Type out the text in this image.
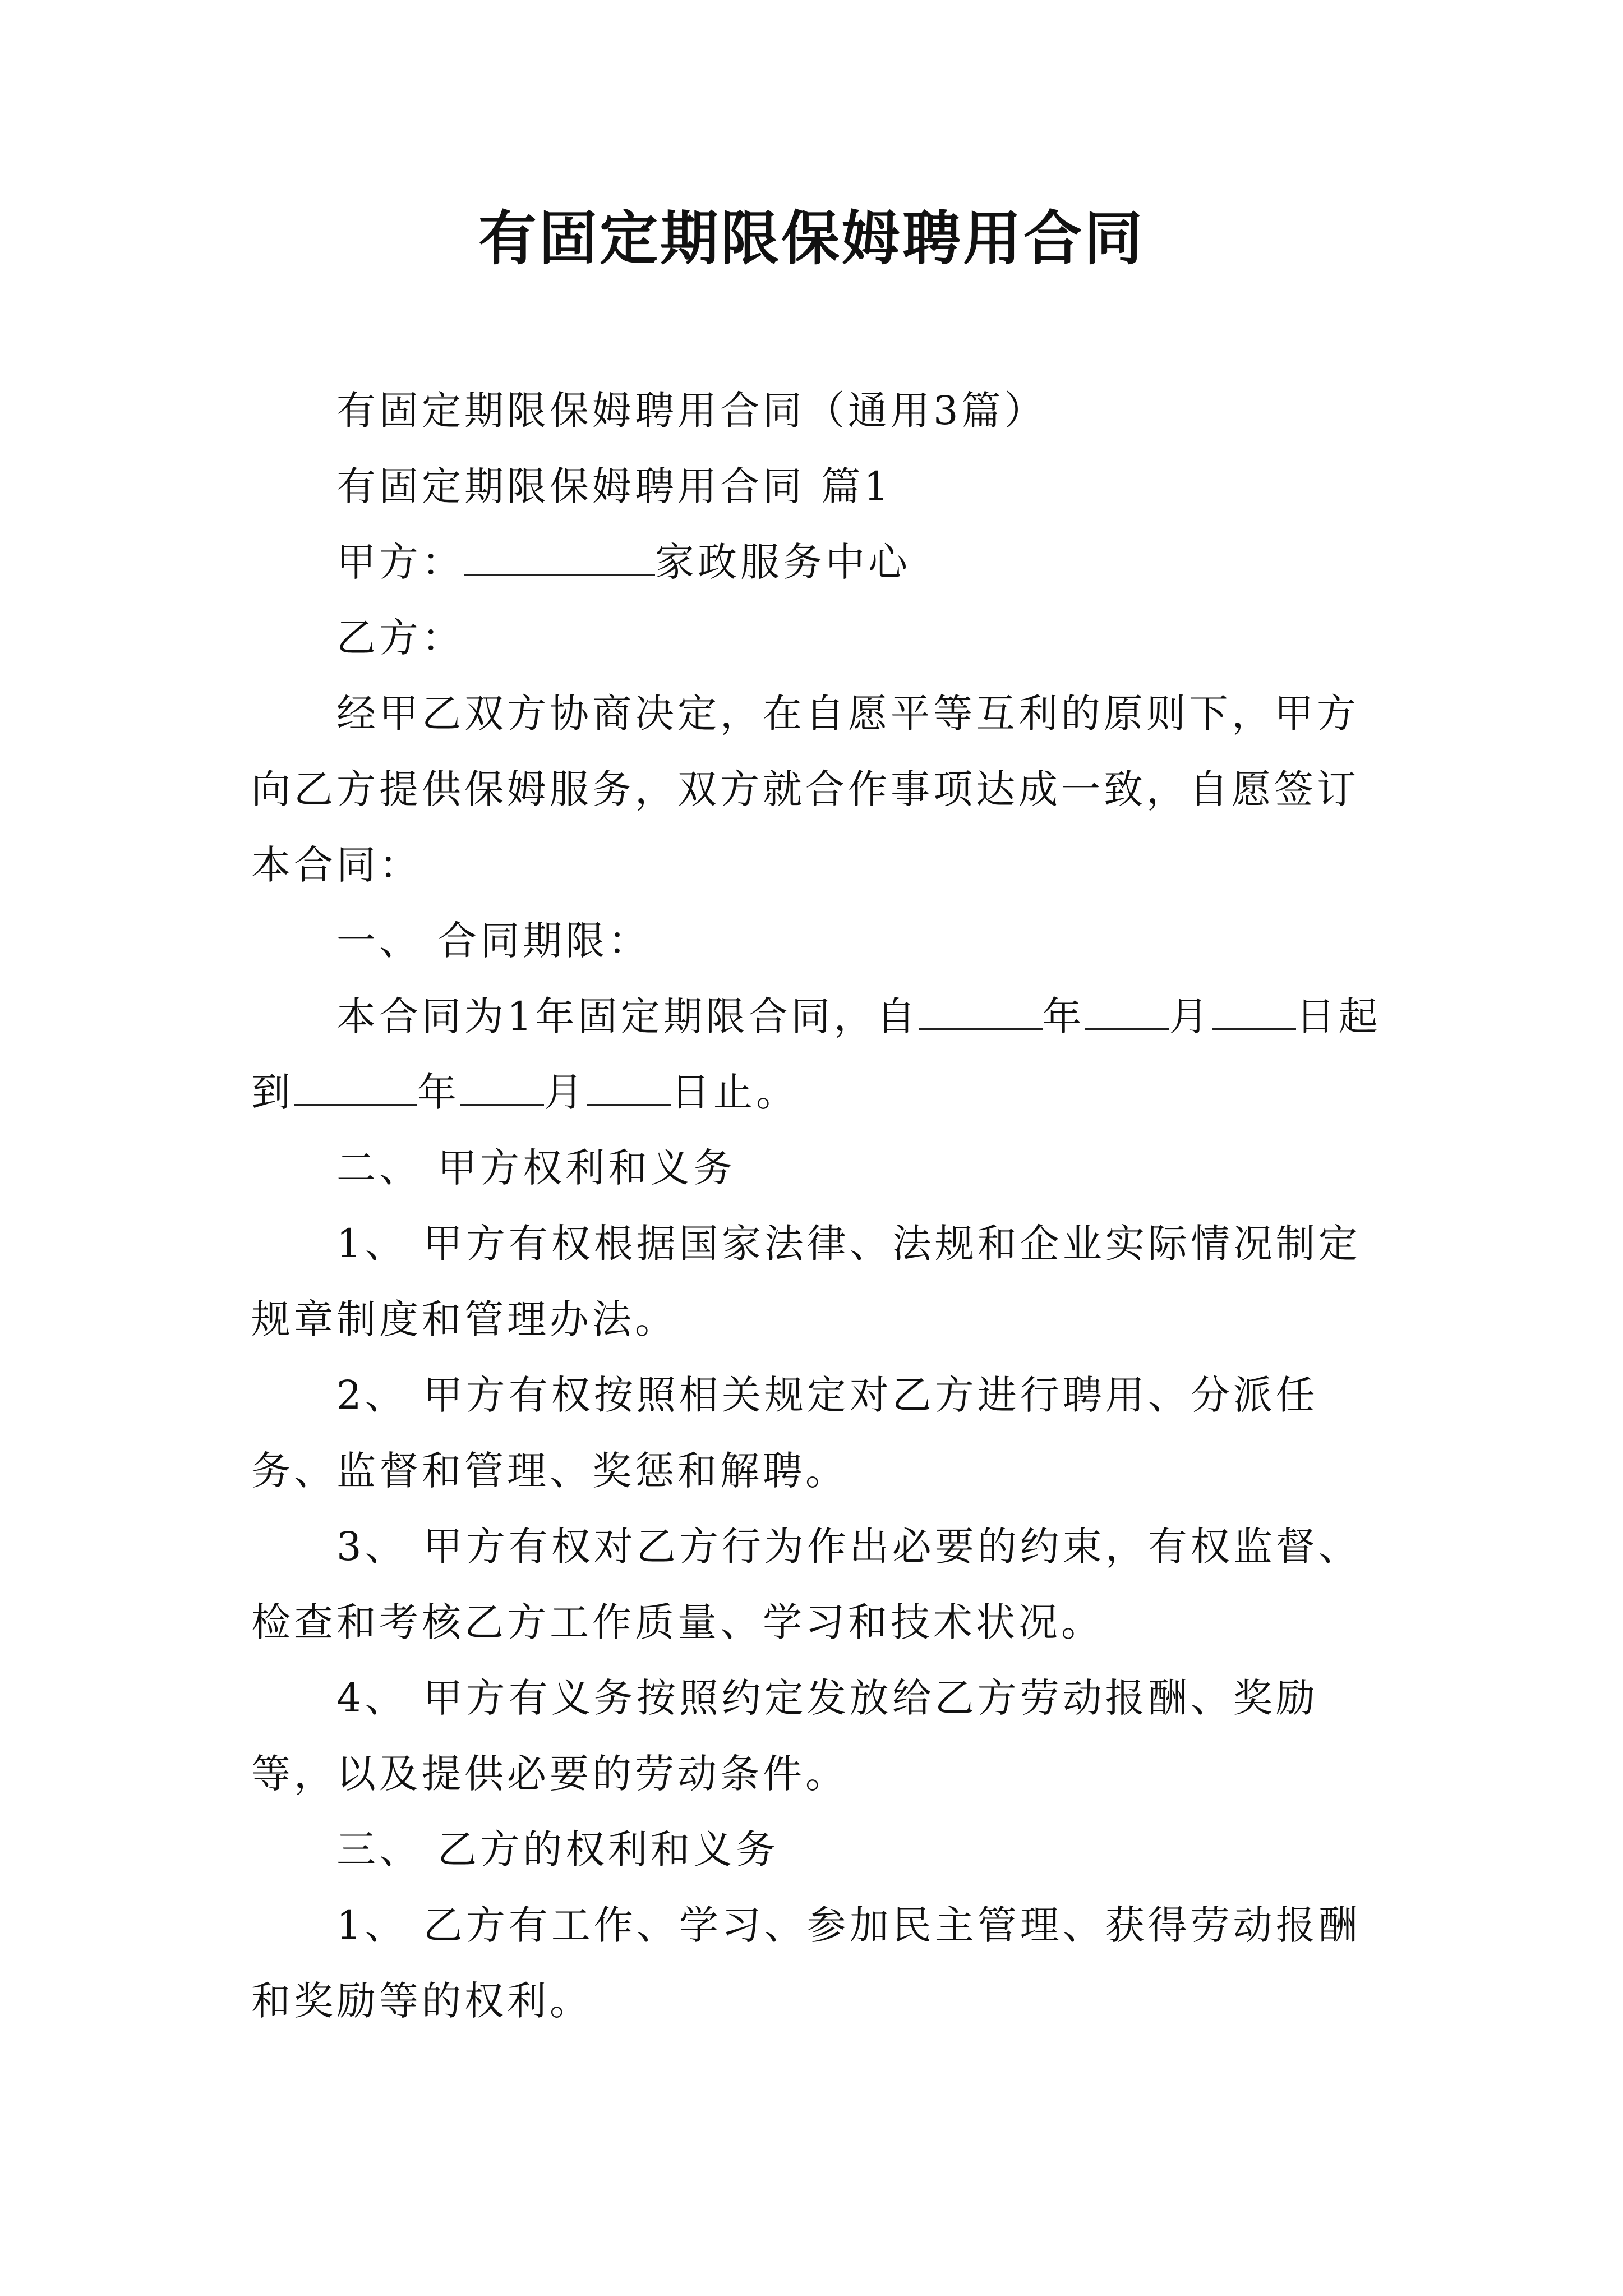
有固定期限保姆聘用合同

有固定期限保姆聘用合同（通用3篇）

有固定期限保姆聘用合同 篇1

甲方：	家政服务中心

乙方：

经甲乙双方协商决定，在自愿平等互利的原则下，甲方向乙方提供保姆服务，双方就合作事项达成一致，自愿签订本合同：

一、 合同期限：

本合同为1年固定期限合同，自	年 月 日起到	年 月 日止。

二、 甲方权利和义务

1、 甲方有权根据国家法律、法规和企业实际情况制定规章制度和管理办法。

2、 甲方有权按照相关规定对乙方进行聘用、分派任务、监督和管理、奖惩和解聘。

3、 甲方有权对乙方行为作出必要的约束，有权监督、检查和考核乙方工作质量、学习和技术状况。

4、 甲方有义务按照约定发放给乙方劳动报酬、奖励等，以及提供必要的劳动条件。

三、 乙方的权利和义务

1、 乙方有工作、学习、参加民主管理、获得劳动报酬和奖励等的权利。
